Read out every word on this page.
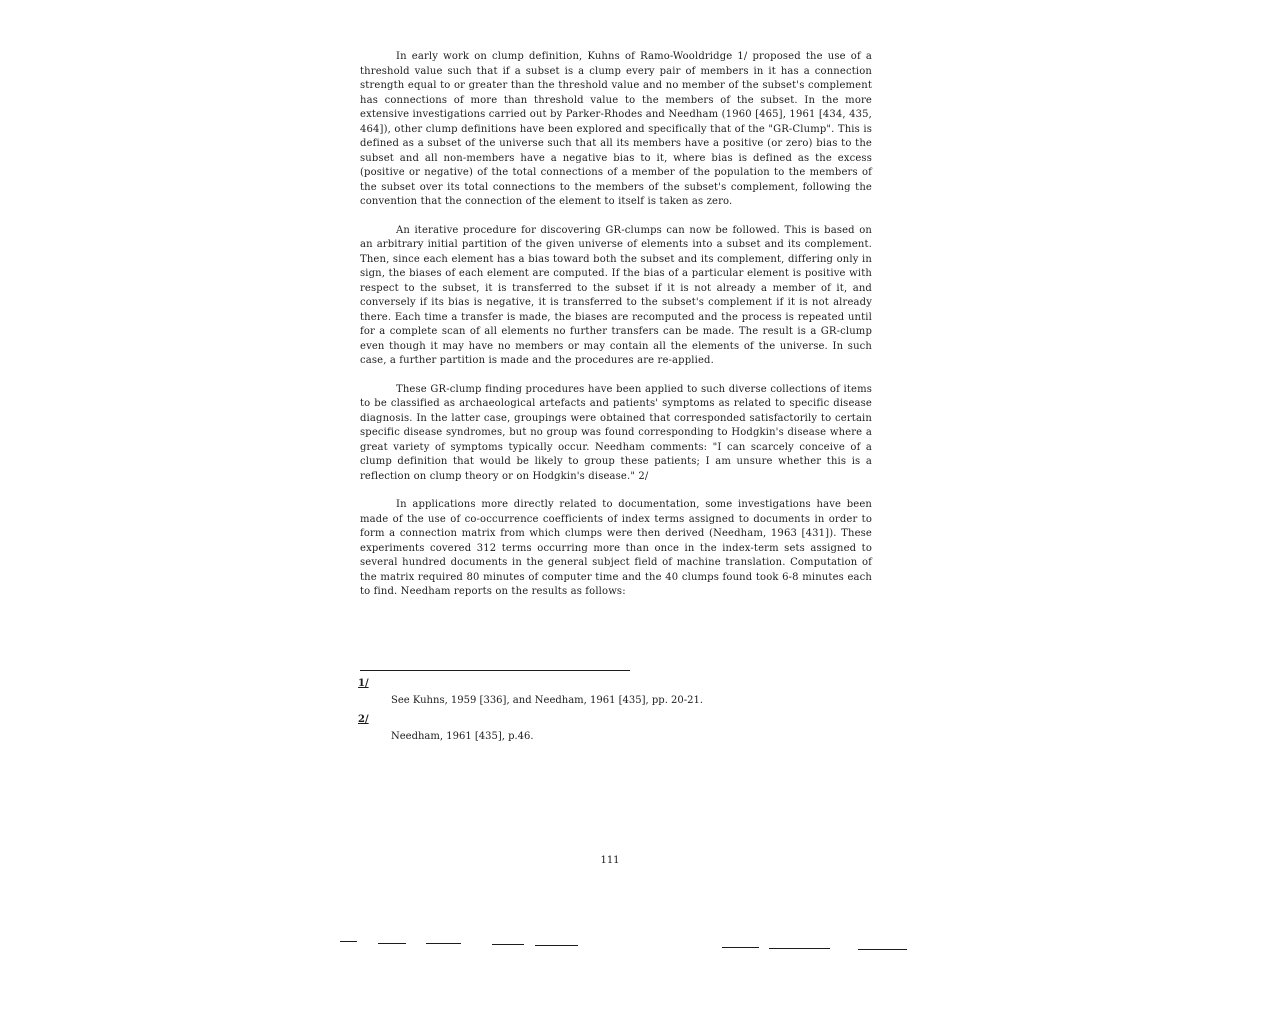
In early work on clump definition, Kuhns of Ramo-Wooldridge 1/ proposed the use of a threshold value such that if a subset is a clump every pair of members in it has a connection strength equal to or greater than the threshold value and no member of the subset's complement has connections of more than threshold value to the members of the subset. In the more extensive investigations carried out by Parker-Rhodes and Needham (1960 [465], 1961 [434, 435, 464]), other clump definitions have been explored and specifically that of the "GR-Clump". This is defined as a subset of the universe such that all its members have a positive (or zero) bias to the subset and all non-members have a negative bias to it, where bias is defined as the excess (positive or negative) of the total connections of a member of the population to the members of the subset over its total connections to the members of the subset's complement, following the convention that the connection of the element to itself is taken as zero.

An iterative procedure for discovering GR-clumps can now be followed. This is based on an arbitrary initial partition of the given universe of elements into a subset and its complement. Then, since each element has a bias toward both the subset and its complement, differing only in sign, the biases of each element are computed. If the bias of a particular element is positive with respect to the subset, it is transferred to the subset if it is not already a member of it, and conversely if its bias is negative, it is transferred to the subset's complement if it is not already there. Each time a transfer is made, the biases are recomputed and the process is repeated until for a complete scan of all elements no further transfers can be made. The result is a GR-clump even though it may have no members or may contain all the elements of the universe. In such case, a further partition is made and the procedures are re-applied.

These GR-clump finding procedures have been applied to such diverse collections of items to be classified as archaeological artefacts and patients' symptoms as related to specific disease diagnosis. In the latter case, groupings were obtained that corresponded satisfactorily to certain specific disease syndromes, but no group was found corresponding to Hodgkin's disease where a great variety of symptoms typically occur. Needham comments: "I can scarcely conceive of a clump definition that would be likely to group these patients; I am unsure whether this is a reflection on clump theory or on Hodgkin's disease." 2/

In applications more directly related to documentation, some investigations have been made of the use of co-occurrence coefficients of index terms assigned to documents in order to form a connection matrix from which clumps were then derived (Needham, 1963 [431]). These experiments covered 312 terms occurring more than once in the index-term sets assigned to several hundred documents in the general subject field of machine translation. Computation of the matrix required 80 minutes of computer time and the 40 clumps found took 6-8 minutes each to find. Needham reports on the results as follows:

1/
See Kuhns, 1959 [336], and Needham, 1961 [435], pp. 20-21.
2/
Needham, 1961 [435], p.46.
111
